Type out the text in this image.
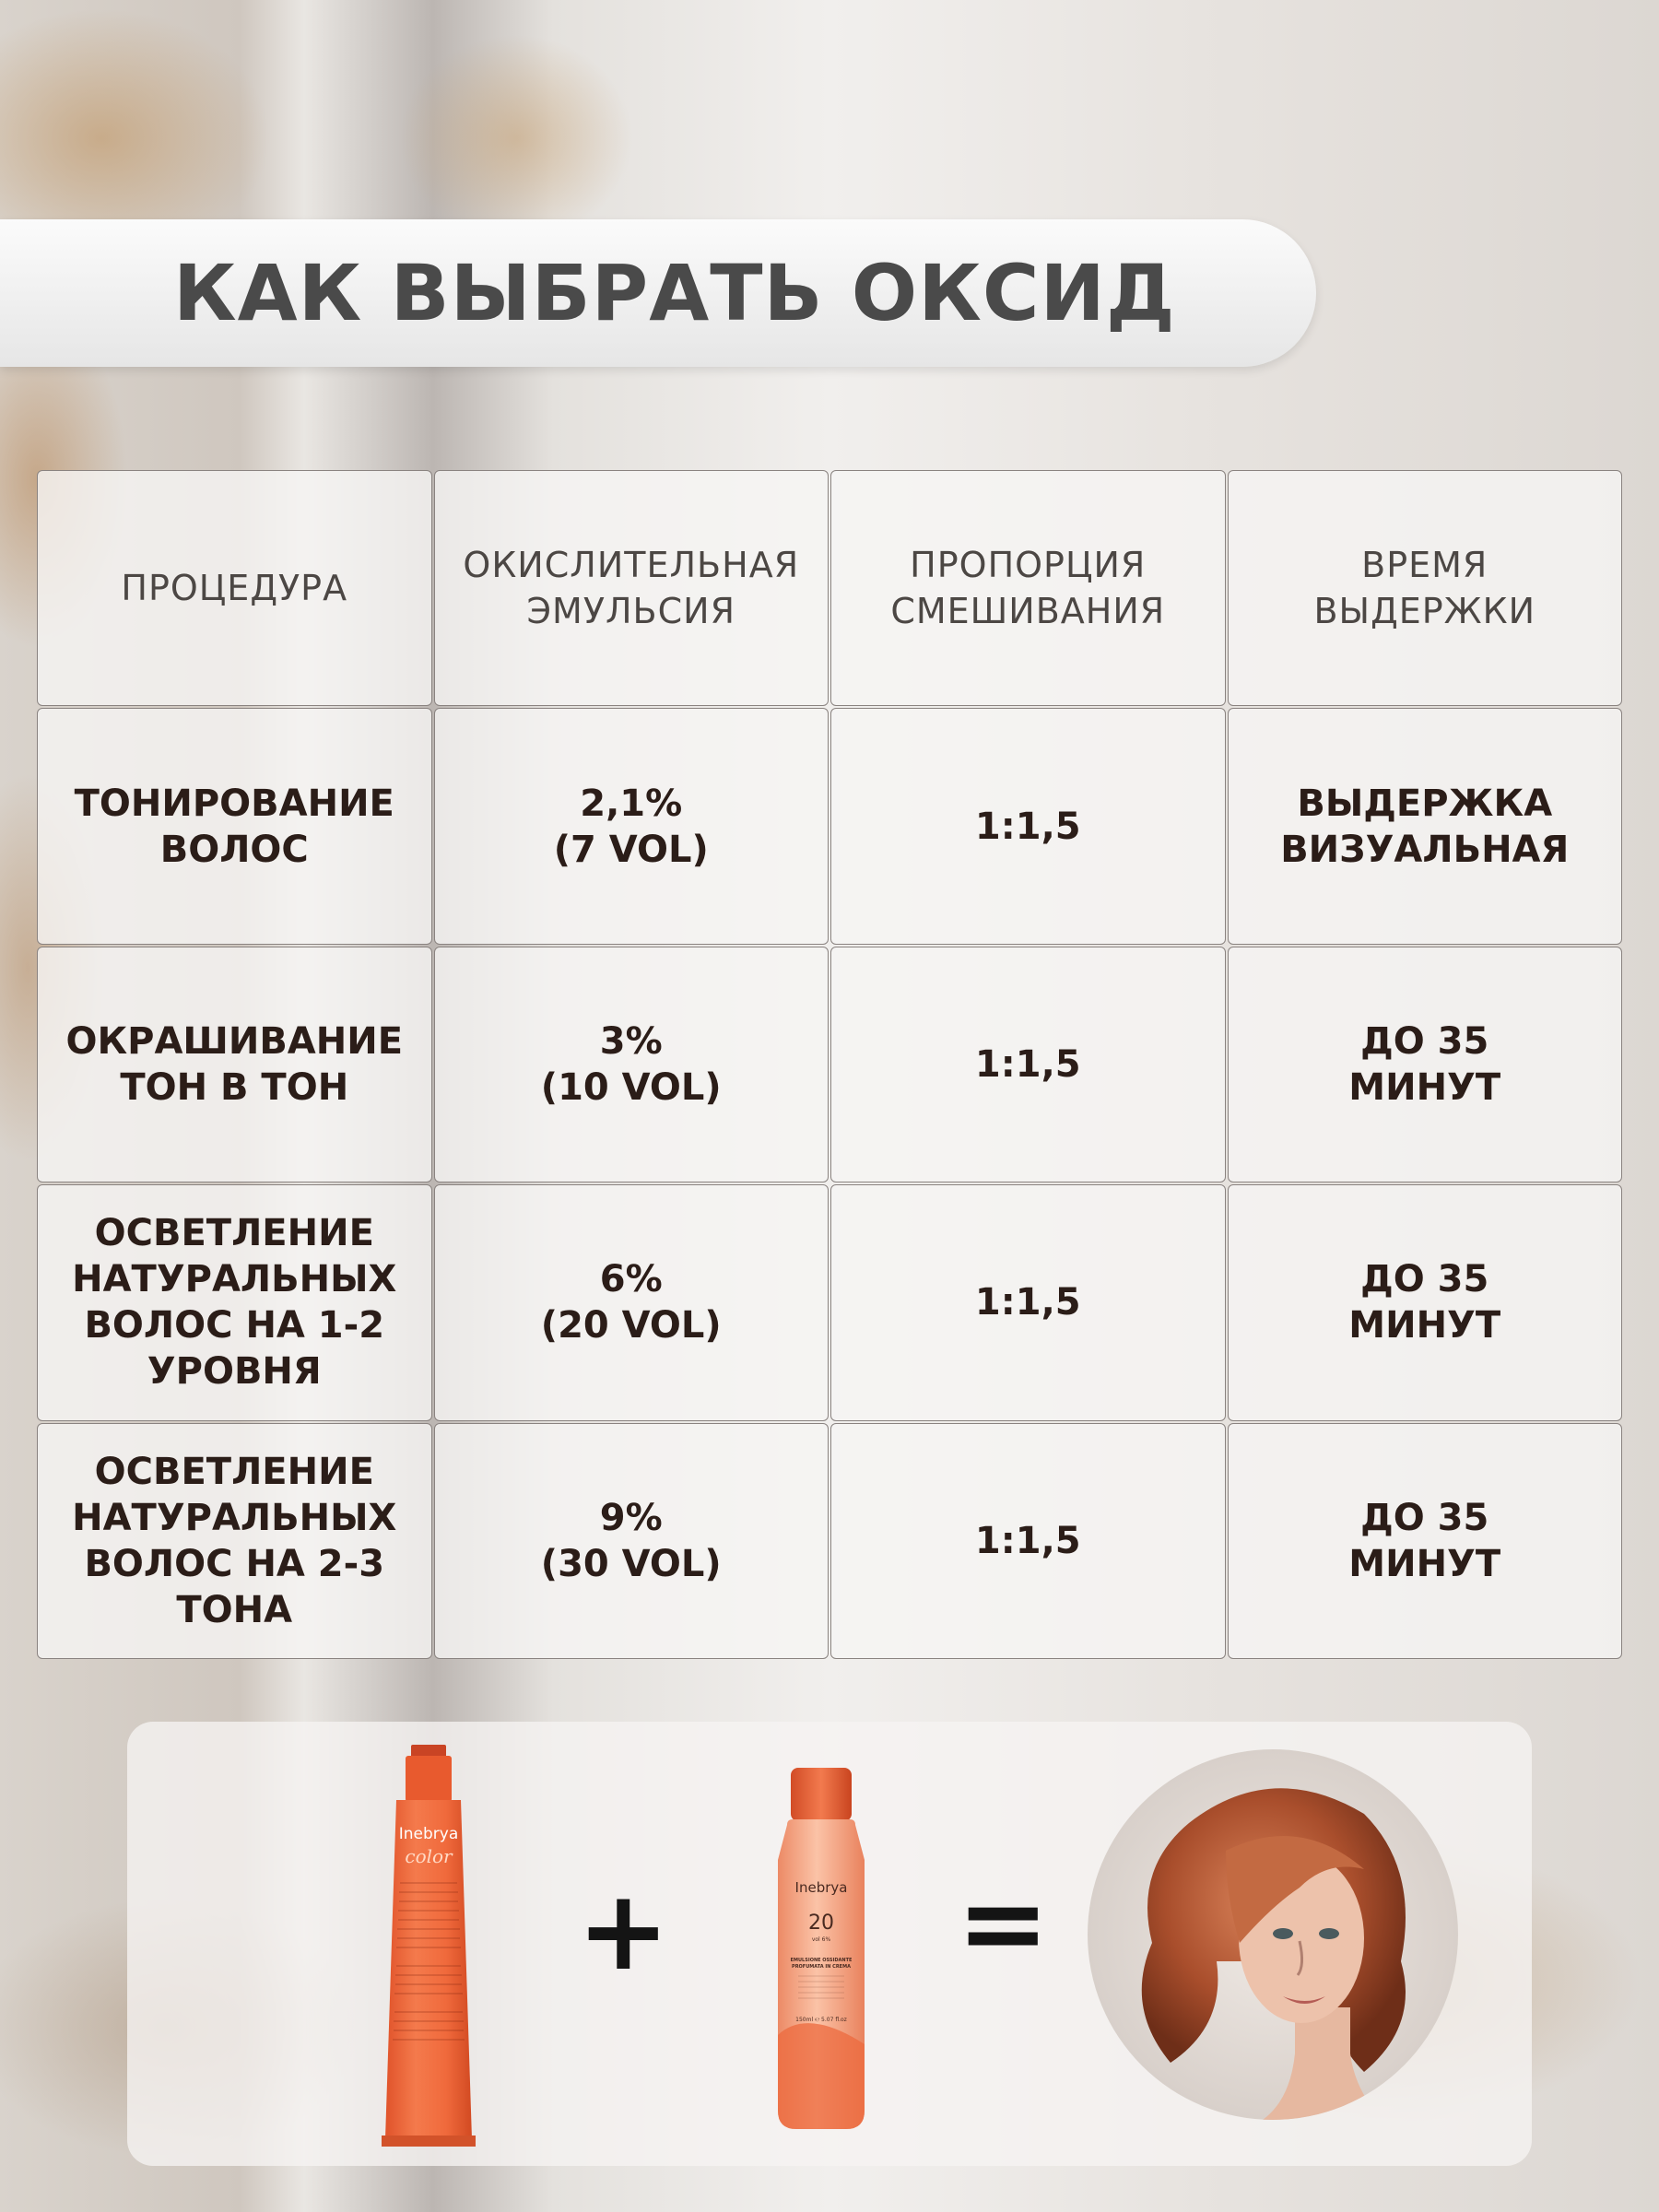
КАК ВЫБРАТЬ ОКСИД
ПРОЦЕДУРА
ОКИСЛИТЕЛЬНАЯ
ЭМУЛЬСИЯ
ПРОПОРЦИЯ
СМЕШИВАНИЯ
ВРЕМЯ
ВЫДЕРЖКИ
ТОНИРОВАНИЕ
ВОЛОС
2,1%
(7 VOL)
1:1,5
ВЫДЕРЖКА
ВИЗУАЛЬНАЯ
ОКРАШИВАНИЕ
ТОН В ТОН
3%
(10 VOL)
1:1,5
ДО 35
МИНУТ
ОСВЕТЛЕНИЕ
НАТУРАЛЬНЫХ
ВОЛОС НА 1-2
УРОВНЯ
6%
(20 VOL)
1:1,5
ДО 35
МИНУТ
ОСВЕТЛЕНИЕ
НАТУРАЛЬНЫХ
ВОЛОС НА 2-3
ТОНА
9%
(30 VOL)
1:1,5
ДО 35
МИНУТ
Inebrya
color
+	Inebrya
20
vol 6%
EMULSIONE OSSIDANTE
PROFUMATA IN CREMA
150ml ℮ 5.07 fl.oz
=
